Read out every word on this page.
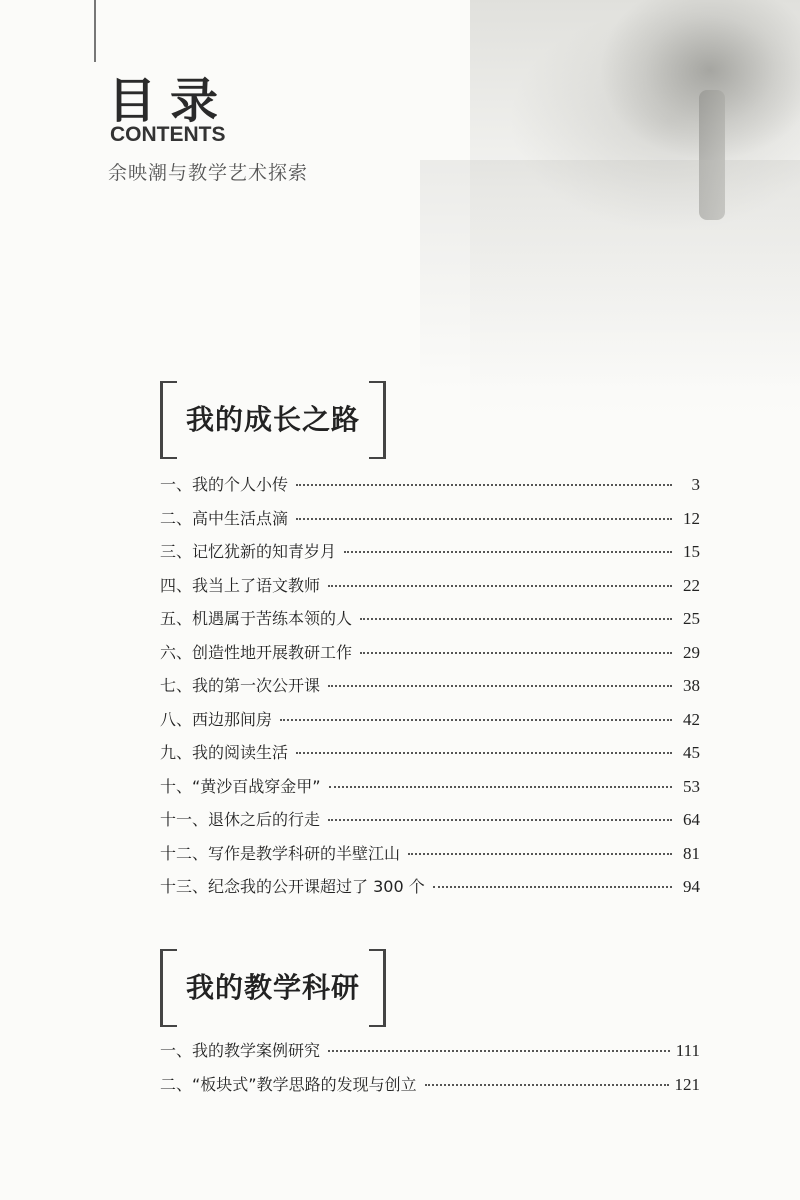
目录
CONTENTS
余映潮与教学艺术探索
我的成长之路
一、我的个人小传	3
二、高中生活点滴	12
三、记忆犹新的知青岁月	15
四、我当上了语文教师	22
五、机遇属于苦练本领的人	25
六、创造性地开展教研工作	29
七、我的第一次公开课	38
八、西边那间房	42
九、我的阅读生活	45
十、“黄沙百战穿金甲”	53
十一、退休之后的行走	64
十二、写作是教学科研的半壁江山	81
十三、纪念我的公开课超过了 300 个	94
我的教学科研
一、我的教学案例研究	111
二、“板块式”教学思路的发现与创立	121
